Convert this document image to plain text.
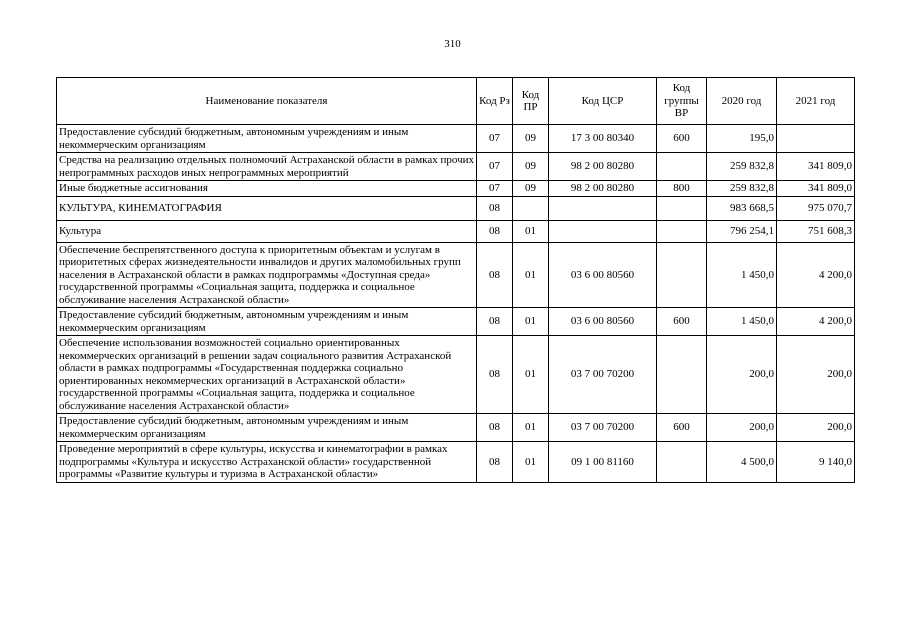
310
Наименование показателя	Код Рз	Код ПР	Код ЦСР	Код группы ВР	2020 год	2021 год
Предоставление субсидий бюджетным, автономным учреждениям и иным некоммерческим организациям	07	09	17 3 00 80340	600	195,0	
Средства на реализацию отдельных полномочий Астраханской области в рамках прочих непрограммных расходов иных непрограммных мероприятий	07	09	98 2 00 80280		259 832,8	341 809,0
Иные бюджетные ассигнования	07	09	98 2 00 80280	800	259 832,8	341 809,0
КУЛЬТУРА, КИНЕМАТОГРАФИЯ	08				983 668,5	975 070,7
Культура	08	01			796 254,1	751 608,3
Обеспечение беспрепятственного доступа к приоритетным объектам и услугам в приоритетных сферах жизнедеятельности инвалидов и других маломобильных групп населения в Астраханской области в рамках подпрограммы «Доступная среда» государственной программы «Социальная защита, поддержка и социальное обслуживание населения Астраханской области»	08	01	03 6 00 80560		1 450,0	4 200,0
Предоставление субсидий бюджетным, автономным учреждениям и иным некоммерческим организациям	08	01	03 6 00 80560	600	1 450,0	4 200,0
Обеспечение использования возможностей социально ориентированных некоммерческих организаций в решении задач социального развития Астраханской области в рамках подпрограммы «Государственная поддержка социально ориентированных некоммерческих организаций в Астраханской области» государственной программы «Социальная защита, поддержка и социальное обслуживание населения Астраханской области»	08	01	03 7 00 70200		200,0	200,0
Предоставление субсидий бюджетным, автономным учреждениям и иным некоммерческим организациям	08	01	03 7 00 70200	600	200,0	200,0
Проведение мероприятий в сфере культуры, искусства и кинематографии в рамках подпрограммы «Культура и искусство Астраханской области» государственной программы «Развитие культуры и туризма в Астраханской области»	08	01	09 1 00 81160		4 500,0	9 140,0
